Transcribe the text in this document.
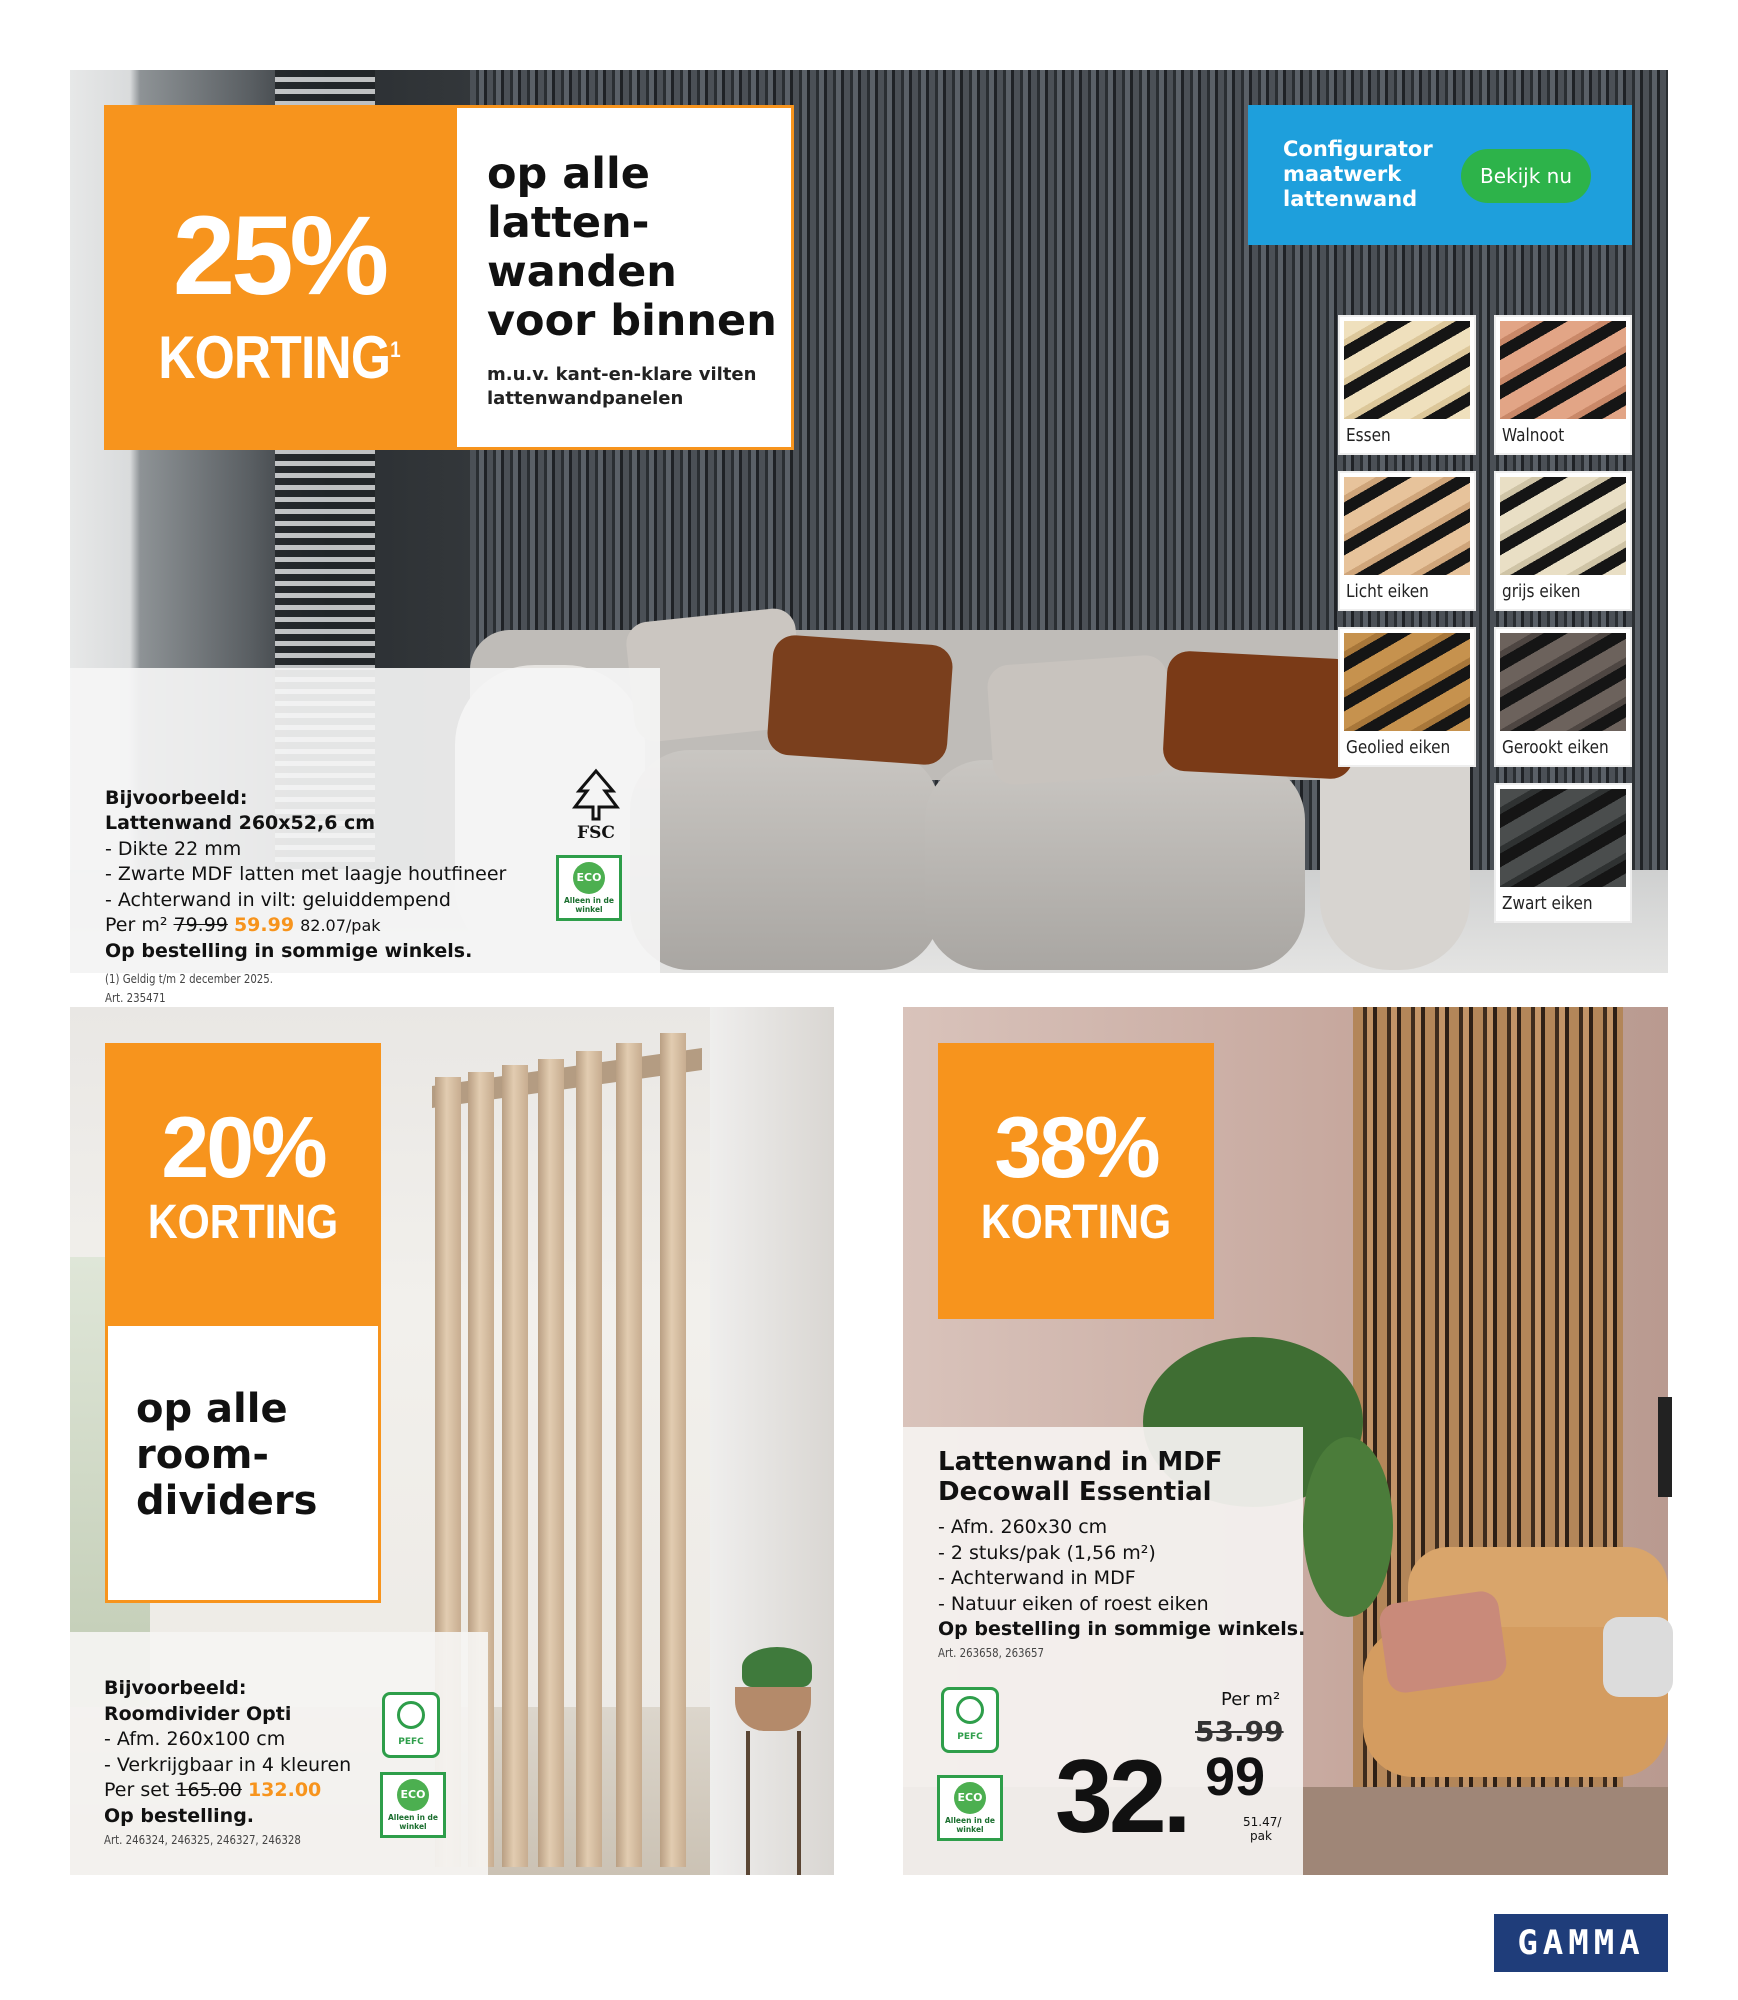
25%
KORTING$^1$
op alle
latten-
wanden
voor binnen
m.u.v. kant-en-klare vilten lattenwandpanelen
Configurator
maatwerk
lattenwand
Bekijk nu
Essen	Walnoot
Licht eiken	grijs eiken
Geolied eiken	Gerookt eiken
Zwart eiken
Bijvoorbeeld:
Lattenwand 260x52,6 cm
- Dikte 22 mm
- Zwarte MDF latten met laagje houtfineer
- Achterwand in vilt: geluiddempend
Per m² 79.99 59.99 82.07/pak
Op bestelling in sommige winkels.
(1) Geldig t/m 2 december 2025.
Art. 235471
FSC
ECO
Alleen in de winkel
20%
KORTING
op alle
room-
dividers
Bijvoorbeeld:
Roomdivider Opti
- Afm. 260x100 cm
- Verkrijgbaar in 4 kleuren
Per set 165.00 132.00
Op bestelling.
Art. 246324, 246325, 246327, 246328
PEFC
ECO
Alleen in de winkel
38%
KORTING
Lattenwand in MDF
Decowall Essential
- Afm. 260x30 cm
- 2 stuks/pak (1,56 m²)
- Achterwand in MDF
- Natuur eiken of roest eiken
Op bestelling in sommige winkels.
Art. 263658, 263657
PEFC
ECO
Alleen in de winkel
Per m²
53.99
32. 99
51.47/
pak
GAMMA
